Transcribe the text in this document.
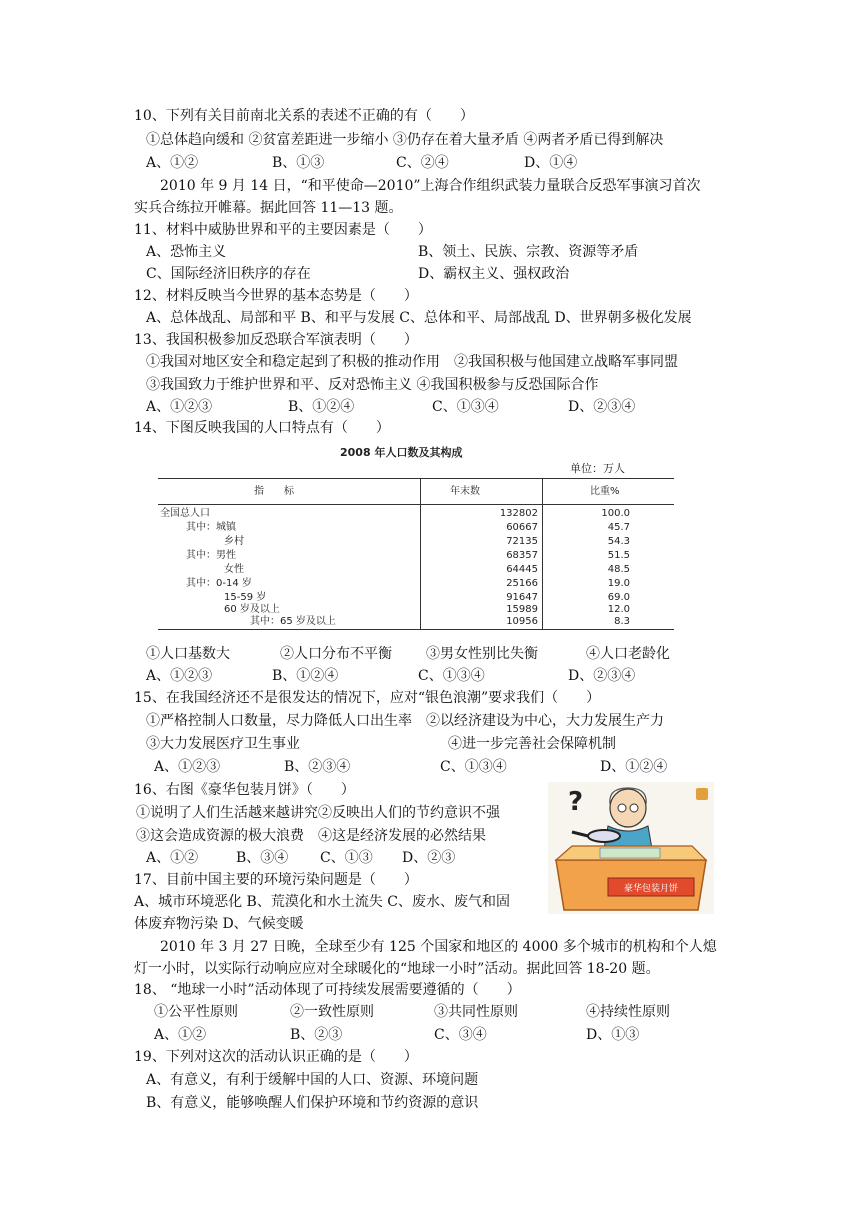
10、下列有关目前南北关系的表述不正确的有（　　）
①总体趋向缓和 ②贫富差距进一步缩小 ③仍存在着大量矛盾 ④两者矛盾已得到解决
A、①②	B、①③	C、②④	D、①④
2010 年 9 月 14 日，“和平使命—2010”上海合作组织武装力量联合反恐军事演习首次
实兵合练拉开帷幕。据此回答 11—13 题。
11、材料中威胁世界和平的主要因素是（　　）
A、恐怖主义	B、领土、民族、宗教、资源等矛盾
C、国际经济旧秩序的存在	D、霸权主义、强权政治
12、材料反映当今世界的基本态势是（　　）
A、总体战乱、局部和平 B、和平与发展 C、总体和平、局部战乱 D、世界朝多极化发展
13、我国积极参加反恐联合军演表明（　　）
①我国对地区安全和稳定起到了积极的推动作用　②我国积极与他国建立战略军事同盟
③我国致力于维护世界和平、反对恐怖主义 ④我国积极参与反恐国际合作
A、①②③	B、①②④	C、①③④	D、②③④
14、下图反映我国的人口特点有（　　）
2008 年人口数及其构成
单位：万人
指　　标	年末数	比重%
全国总人口	132802	100.0
其中：城镇	60667	45.7
乡村	72135	54.3
其中：男性	68357	51.5
女性	64445	48.5
其中：0-14 岁	25166	19.0
15-59 岁	91647	69.0
60 岁及以上	15989	12.0
其中：65 岁及以上	10956	8.3
①人口基数大	②人口分布不平衡 ③男女性别比失衡	④人口老龄化
A、①②③	B、①②④	C、①③④	D、②③④
15、在我国经济还不是很发达的情况下，应对“银色浪潮”要求我们（　　）
①严格控制人口数量，尽力降低人口出生率　②以经济建设为中心，大力发展生产力
③大力发展医疗卫生事业	④进一步完善社会保障机制
A、①②③	B、②③④	C、①③④	D、①②④
16、右图《豪华包装月饼》（　　）
①说明了人们生活越来越讲究②反映出人们的节约意识不强
③这会造成资源的极大浪费　④这是经济发展的必然结果
A、①②	B、③④ C、①③ D、②③
?
豪华包装月饼
17、目前中国主要的环境污染问题是（　　）
A、城市环境恶化 B、荒漠化和水土流失 C、废水、废气和固
体废弃物污染 D、气候变暖
2010 年 3 月 27 日晚，全球至少有 125 个国家和地区的 4000 多个城市的机构和个人熄
灯一小时，以实际行动响应应对全球暖化的“地球一小时”活动。据此回答 18-20 题。
18、 “地球一小时”活动体现了可持续发展需要遵循的（　　）
①公平性原则	②一致性原则	③共同性原则	④持续性原则
A、①②	B、②③	C、③④	D、①③
19、下列对这次的活动认识正确的是（　　）
A、有意义，有利于缓解中国的人口、资源、环境问题
B、有意义，能够唤醒人们保护环境和节约资源的意识
